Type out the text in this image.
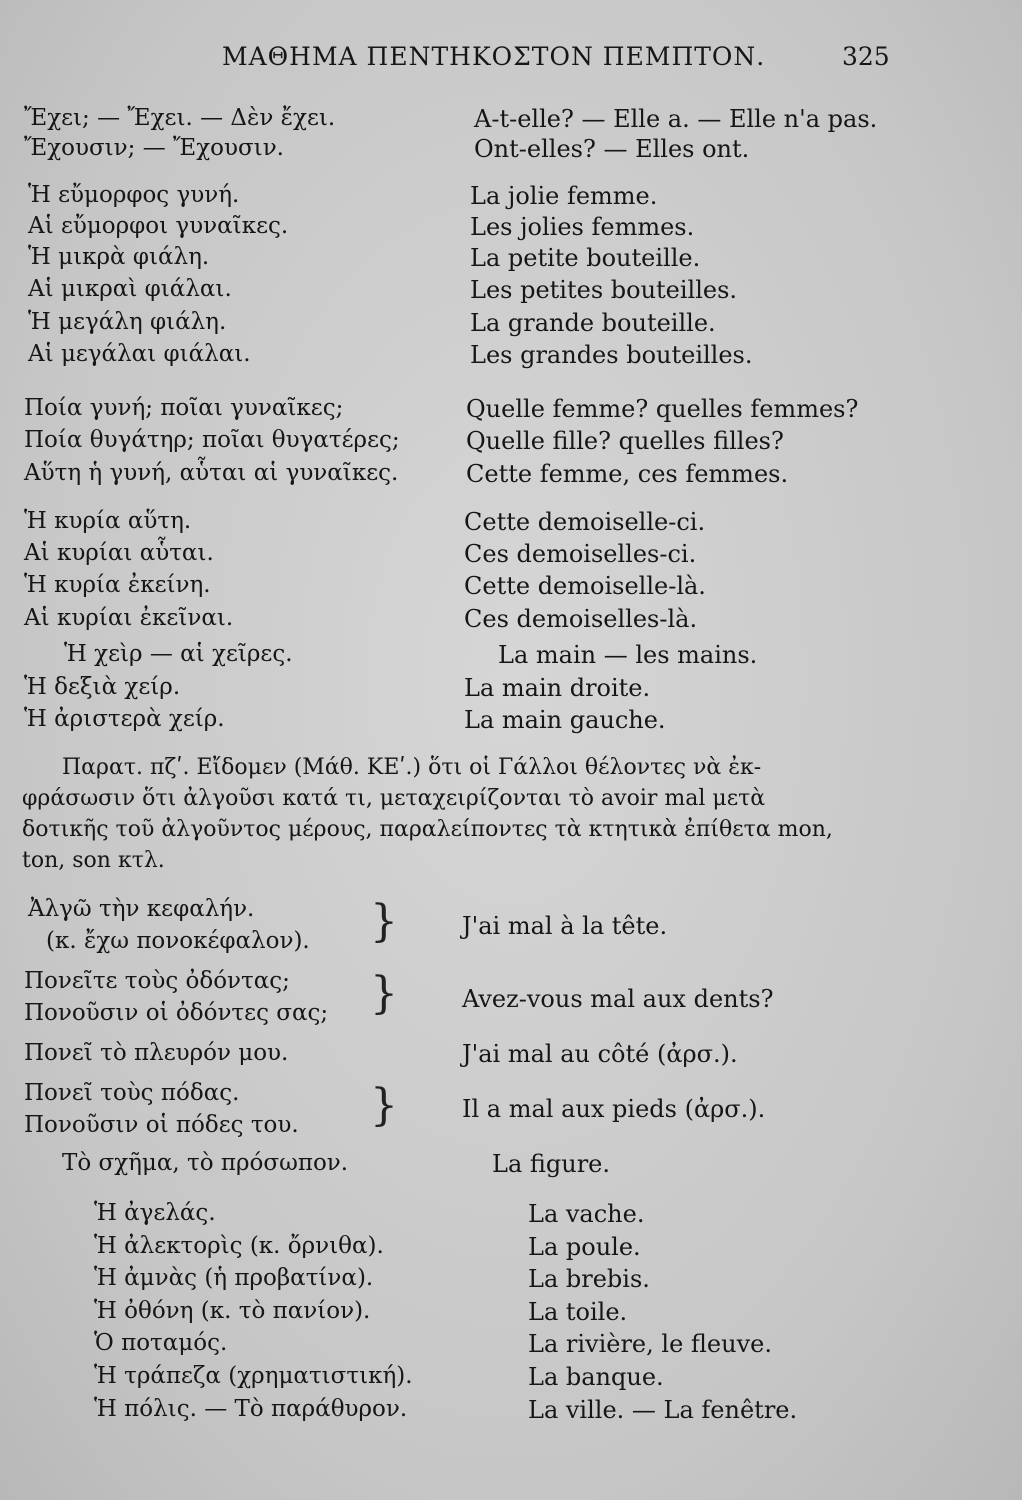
ΜΑΘΗΜΑ ΠΕΝΤΗΚΟΣΤΟΝ ΠΕΜΠΤΟΝ.	325
Ἔχει; — Ἔχει. — Δὲν ἔχει.	A-t-elle? — Elle a. — Elle n'a pas.
Ἔχουσιν; — Ἔχουσιν.	Ont-elles? — Elles ont.
Ἡ εὔμορφος γυνή.	La jolie femme.
Αἱ εὔμορφοι γυναῖκες.	Les jolies femmes.
Ἡ μικρὰ φιάλη.	La petite bouteille.
Αἱ μικραὶ φιάλαι.	Les petites bouteilles.
Ἡ μεγάλη φιάλη.	La grande bouteille.
Αἱ μεγάλαι φιάλαι.	Les grandes bouteilles.
Ποία γυνή; ποῖαι γυναῖκες;	Quelle femme? quelles femmes?
Ποία θυγάτηρ; ποῖαι θυγατέρες;	Quelle fille? quelles filles?
Αὕτη ἡ γυνή, αὗται αἱ γυναῖκες.	Cette femme, ces femmes.
Ἡ κυρία αὕτη.	Cette demoiselle-ci.
Αἱ κυρίαι αὗται.	Ces demoiselles-ci.
Ἡ κυρία ἐκείνη.	Cette demoiselle-là.
Αἱ κυρίαι ἐκεῖναι.	Ces demoiselles-là.
Ἡ χεὶρ — αἱ χεῖρες.	La main — les mains.
Ἡ δεξιὰ χείρ.	La main droite.
Ἡ ἀριστερὰ χείρ.	La main gauche.

Παρατ. πζʹ. Εἴδομεν (Μάθ. ΚΕʹ.) ὅτι οἱ Γάλλοι θέλοντες νὰ ἐκ-

φράσωσιν ὅτι ἀλγοῦσι κατά τι, μεταχειρίζονται τὸ avoir mal μετὰ

δοτικῆς τοῦ ἀλγοῦντος μέρους, παραλείποντες τὰ κτητικὰ ἐπίθετα mon,

ton, son κτλ.

Ἀλγῶ τὴν κεφαλήν.
(κ. ἔχω πονοκέφαλον). }	J'ai mal à la tête.
Πονεῖτε τοὺς ὀδόντας;
Πονοῦσιν οἱ ὀδόντες σας; }	Avez-vous mal aux dents?
Πονεῖ τὸ πλευρόν μου.	J'ai mal au côté (ἀρσ.).
Πονεῖ τοὺς πόδας.
Πονοῦσιν οἱ πόδες του. }	Il a mal aux pieds (ἀρσ.).
Τὸ σχῆμα, τὸ πρόσωπον.	La figure.
Ἡ ἀγελάς.	La vache.
Ἡ ἀλεκτορὶς (κ. ὄρνιθα).	La poule.
Ἡ ἀμνὰς (ἡ προβατίνα).	La brebis.
Ἡ ὀθόνη (κ. τὸ πανίον).	La toile.
Ὁ ποταμός.	La rivière, le fleuve.
Ἡ τράπεζα (χρηματιστική).	La banque.
Ἡ πόλις. — Τὸ παράθυρον.	La ville. — La fenêtre.
